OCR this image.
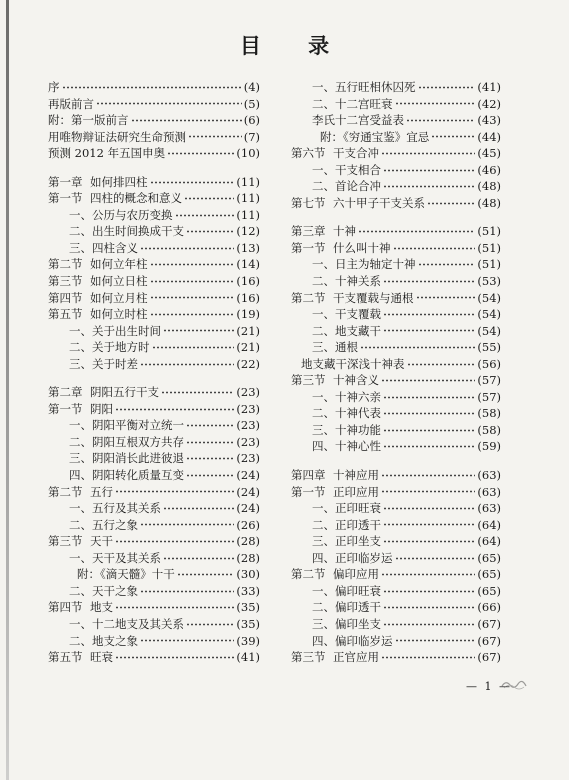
目 录
序	(4)
再版前言	(5)
附：第一版前言	(6)
用唯物辩证法研究生命预测	(7)
预测 2012 年五国申奥	(10)
第一章 如何排四柱	(11)
第一节 四柱的概念和意义	(11)
一、公历与农历变换	(11)
二、出生时间换成干支	(12)
三、四柱含义	(13)
第二节 如何立年柱	(14)
第三节 如何立日柱	(16)
第四节 如何立月柱	(16)
第五节 如何立时柱	(19)
一、关于出生时间	(21)
二、关于地方时	(21)
三、关于时差	(22)
第二章 阴阳五行干支	(23)
第一节 阴阳	(23)
一、阴阳平衡对立统一	(23)
二、阴阳互根双方共存	(23)
三、阴阳消长此进彼退	(23)
四、阴阳转化质量互变	(24)
第二节 五行	(24)
一、五行及其关系	(24)
二、五行之象	(26)
第三节 天干	(28)
一、天干及其关系	(28)
附：《滴天髓》十干	(30)
二、天干之象	(33)
第四节 地支	(35)
一、十二地支及其关系	(35)
二、地支之象	(39)
第五节 旺衰	(41)
一、五行旺相休囚死	(41)
二、十二宫旺衰	(42)
李氏十二宫受益表	(43)
附：《穷通宝鉴》宜忌	(44)
第六节 干支合冲	(45)
一、干支相合	(46)
二、首论合冲	(48)
第七节 六十甲子干支关系	(48)
第三章 十神	(51)
第一节 什么叫十神	(51)
一、日主为轴定十神	(51)
二、十神关系	(53)
第二节 干支覆载与通根	(54)
一、干支覆载	(54)
二、地支藏干	(54)
三、通根	(55)
地支藏干深浅十神表	(56)
第三节 十神含义	(57)
一、十神六亲	(57)
二、十神代表	(58)
三、十神功能	(58)
四、十神心性	(59)
第四章 十神应用	(63)
第一节 正印应用	(63)
一、正印旺衰	(63)
二、正印透干	(64)
三、正印坐支	(64)
四、正印临岁运	(65)
第二节 偏印应用	(65)
一、偏印旺衰	(65)
二、偏印透干	(66)
三、偏印坐支	(67)
四、偏印临岁运	(67)
第三节 正官应用	(67)
— 1 —
